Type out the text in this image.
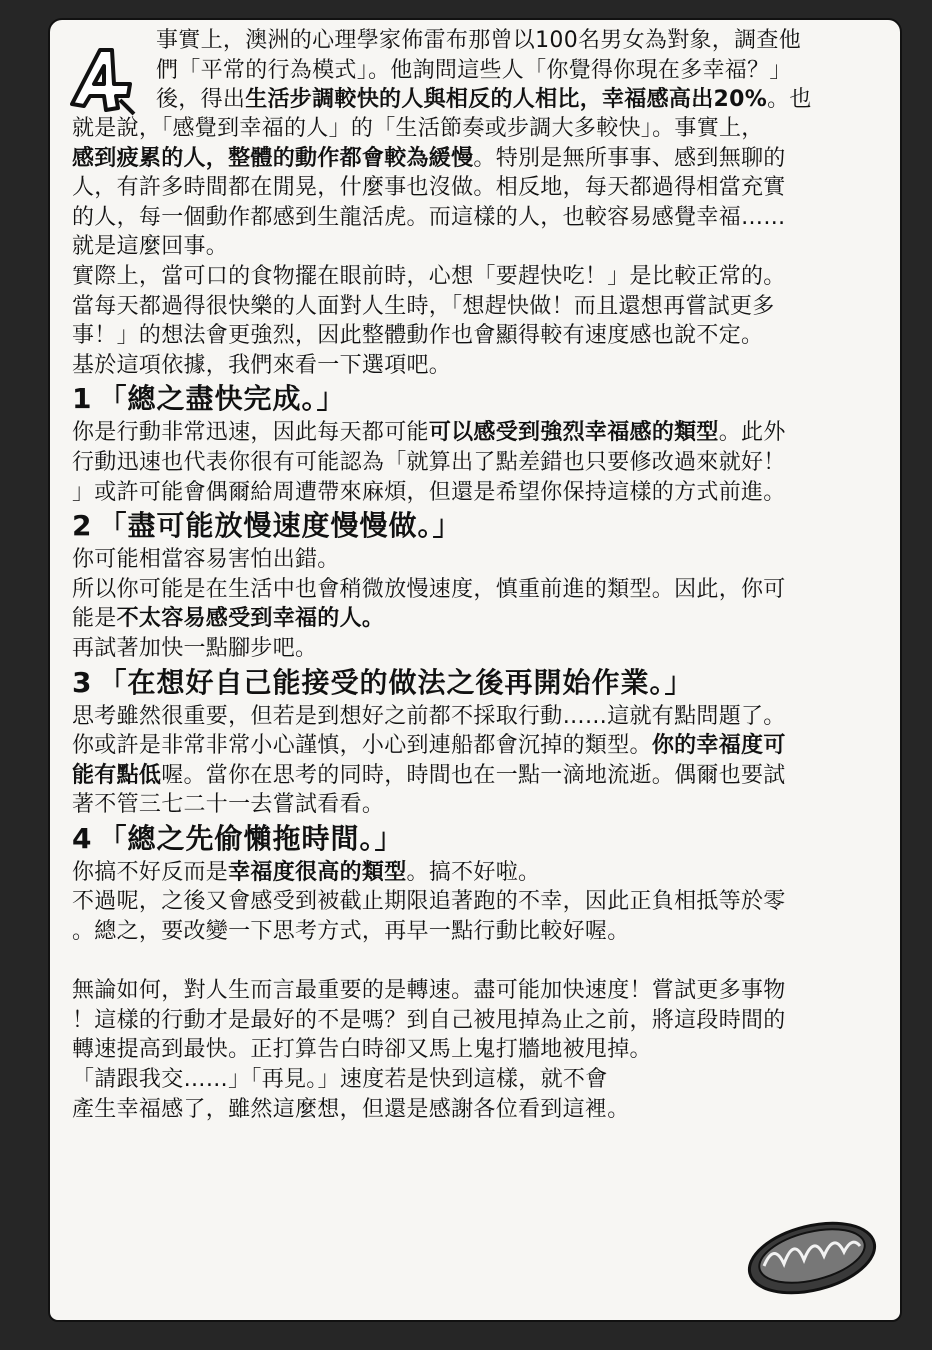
事實上，澳洲的心理學家佈雷布那曾以100名男女為對象，調查他

們「平常的行為模式」。他詢問這些人「你覺得你現在多幸福？」

後，得出生活步調較快的人與相反的人相比，幸福感高出20%。也

就是說，「感覺到幸福的人」的「生活節奏或步調大多較快」。事實上，

感到疲累的人，整體的動作都會較為緩慢。特別是無所事事、感到無聊的

人，有許多時間都在閒晃，什麼事也沒做。相反地，每天都過得相當充實

的人，每一個動作都感到生龍活虎。而這樣的人，也較容易感覺幸福……

就是這麼回事。

實際上，當可口的食物擺在眼前時，心想「要趕快吃！」是比較正常的。

當每天都過得很快樂的人面對人生時，「想趕快做！而且還想再嘗試更多

事！」的想法會更強烈，因此整體動作也會顯得較有速度感也說不定。

基於這項依據，我們來看一下選項吧。

1 「總之盡快完成。」

你是行動非常迅速，因此每天都可能可以感受到強烈幸福感的類型。此外

行動迅速也代表你很有可能認為「就算出了點差錯也只要修改過來就好！

」或許可能會偶爾給周遭帶來麻煩，但還是希望你保持這樣的方式前進。

2 「盡可能放慢速度慢慢做。」

你可能相當容易害怕出錯。

所以你可能是在生活中也會稍微放慢速度，慎重前進的類型。因此，你可

能是不太容易感受到幸福的人。

再試著加快一點腳步吧。

3 「在想好自己能接受的做法之後再開始作業。」

思考雖然很重要，但若是到想好之前都不採取行動……這就有點問題了。

你或許是非常非常小心謹慎，小心到連船都會沉掉的類型。你的幸福度可

能有點低喔。當你在思考的同時，時間也在一點一滴地流逝。偶爾也要試

著不管三七二十一去嘗試看看。

4 「總之先偷懶拖時間。」

你搞不好反而是幸福度很高的類型。搞不好啦。

不過呢，之後又會感受到被截止期限追著跑的不幸，因此正負相抵等於零

。總之，要改變一下思考方式，再早一點行動比較好喔。

無論如何，對人生而言最重要的是轉速。盡可能加快速度！嘗試更多事物

！這樣的行動才是最好的不是嗎？到自己被甩掉為止之前，將這段時間的

轉速提高到最快。正打算告白時卻又馬上鬼打牆地被甩掉。

「請跟我交……」「再見。」速度若是快到這樣，就不會

產生幸福感了，雖然這麼想，但還是感謝各位看到這裡。
